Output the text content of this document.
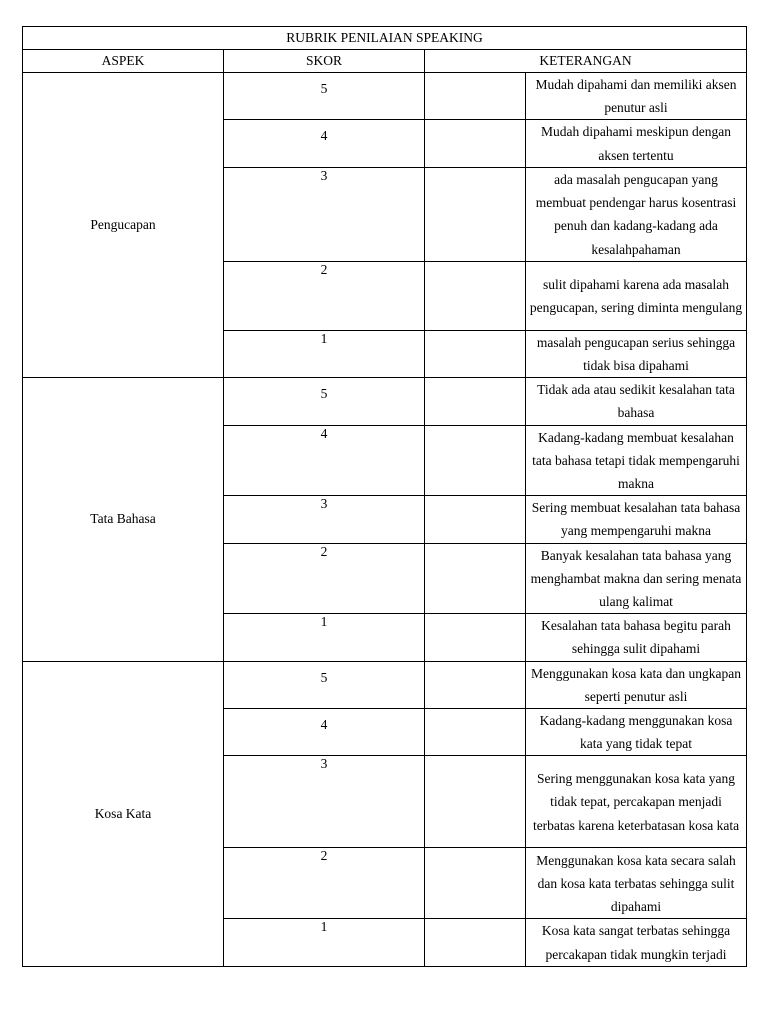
RUBRIK PENILAIAN SPEAKING			
ASPEK	SKOR	KETERANGAN	
Pengucapan	5		Mudah dipahami dan memiliki aksen penutur asli
	4		Mudah dipahami meskipun dengan aksen tertentu
	3		ada masalah pengucapan yang membuat pendengar harus kosentrasi penuh dan kadang-kadang ada kesalahpahaman
	2		sulit dipahami karena ada masalah pengucapan, sering diminta mengulang
	1		masalah pengucapan serius sehingga tidak bisa dipahami
Tata Bahasa	5		Tidak ada atau sedikit kesalahan tata bahasa
	4		Kadang-kadang membuat kesalahan tata bahasa tetapi tidak mempengaruhi makna
	3		Sering membuat kesalahan tata bahasa yang mempengaruhi makna
	2		Banyak kesalahan tata bahasa yang menghambat makna dan sering menata ulang kalimat
	1		Kesalahan tata bahasa begitu parah sehingga sulit dipahami
Kosa Kata	5		Menggunakan kosa kata dan ungkapan seperti penutur asli
	4		Kadang-kadang menggunakan kosa kata yang tidak tepat
	3		Sering menggunakan kosa kata yang tidak tepat, percakapan menjadi terbatas karena keterbatasan kosa kata
	2		Menggunakan kosa kata secara salah dan kosa kata terbatas sehingga sulit dipahami
	1		Kosa kata sangat terbatas sehingga percakapan tidak mungkin terjadi
